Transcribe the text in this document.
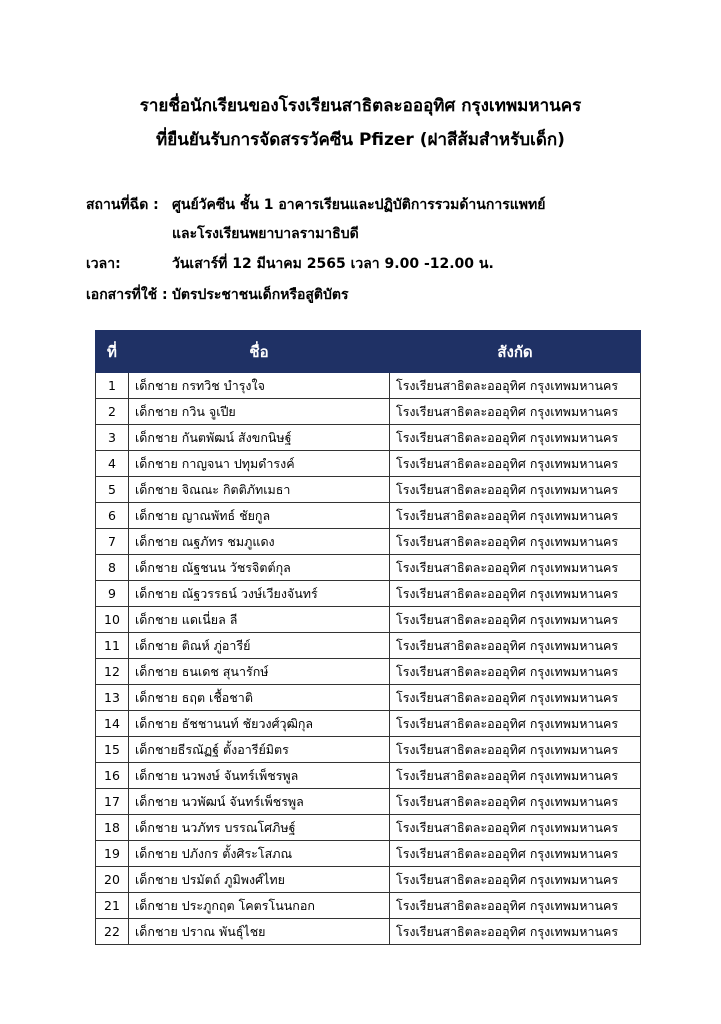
รายชื่อนักเรียนของโรงเรียนสาธิตละอออุทิศ กรุงเทพมหานคร
ที่ยืนยันรับการจัดสรรวัคซีน Pfizer (ฝาสีส้มสำหรับเด็ก)
สถานที่ฉีด : ศูนย์วัคซีน ชั้น 1 อาคารเรียนและปฏิบัติการรวมด้านการแพทย์
และโรงเรียนพยาบาลรามาธิบดี
เวลา:	วันเสาร์ที่ 12 มีนาคม 2565 เวลา 9.00 -12.00 น.
เอกสารที่ใช้ : บัตรประชาชนเด็กหรือสูติบัตร
ที่	ชื่อ	สังกัด
1	เด็กชาย กรทวิช บำรุงใจ	โรงเรียนสาธิตละอออุทิศ กรุงเทพมหานคร
2	เด็กชาย กวิน จูเปีย	โรงเรียนสาธิตละอออุทิศ กรุงเทพมหานคร
3	เด็กชาย กันตพัฒน์ สังขกนิษฐ์	โรงเรียนสาธิตละอออุทิศ กรุงเทพมหานคร
4	เด็กชาย กาญจนา ปทุมดำรงค์	โรงเรียนสาธิตละอออุทิศ กรุงเทพมหานคร
5	เด็กชาย จิณณะ กิตติภัทเมธา	โรงเรียนสาธิตละอออุทิศ กรุงเทพมหานคร
6	เด็กชาย ญาณพัทธ์ ชัยกูล	โรงเรียนสาธิตละอออุทิศ กรุงเทพมหานคร
7	เด็กชาย ณฐภัทร ชมภูแดง	โรงเรียนสาธิตละอออุทิศ กรุงเทพมหานคร
8	เด็กชาย ณัฐชนน วัชรจิตต์กุล	โรงเรียนสาธิตละอออุทิศ กรุงเทพมหานคร
9	เด็กชาย ณัฐวรรธน์ วงษ์เวียงจันทร์	โรงเรียนสาธิตละอออุทิศ กรุงเทพมหานคร
10	เด็กชาย แดเนี่ยล ลี	โรงเรียนสาธิตละอออุทิศ กรุงเทพมหานคร
11	เด็กชาย ติณห์ ภู่อารีย์	โรงเรียนสาธิตละอออุทิศ กรุงเทพมหานคร
12	เด็กชาย ธนเดช สุนารักษ์	โรงเรียนสาธิตละอออุทิศ กรุงเทพมหานคร
13	เด็กชาย ธฤต เชื้อชาติ	โรงเรียนสาธิตละอออุทิศ กรุงเทพมหานคร
14	เด็กชาย ธัชชานนท์ ชัยวงศ์วุฒิกุล	โรงเรียนสาธิตละอออุทิศ กรุงเทพมหานคร
15	เด็กชายธีรณัฏฐ์ ตั้งอารีย์มิตร	โรงเรียนสาธิตละอออุทิศ กรุงเทพมหานคร
16	เด็กชาย นวพงษ์ จันทร์เพ็ชรพูล	โรงเรียนสาธิตละอออุทิศ กรุงเทพมหานคร
17	เด็กชาย นวพัฒน์ จันทร์เพ็ชรพูล	โรงเรียนสาธิตละอออุทิศ กรุงเทพมหานคร
18	เด็กชาย นวภัทร บรรณโศภิษฐ์	โรงเรียนสาธิตละอออุทิศ กรุงเทพมหานคร
19	เด็กชาย ปภังกร ตั้งศิระโสภณ	โรงเรียนสาธิตละอออุทิศ กรุงเทพมหานคร
20	เด็กชาย ปรมัตถ์ ภูมิพงศ์ไทย	โรงเรียนสาธิตละอออุทิศ กรุงเทพมหานคร
21	เด็กชาย ประภูกฤต โคตรโนนกอก	โรงเรียนสาธิตละอออุทิศ กรุงเทพมหานคร
22	เด็กชาย ปราณ พันธุ์ไชย	โรงเรียนสาธิตละอออุทิศ กรุงเทพมหานคร
